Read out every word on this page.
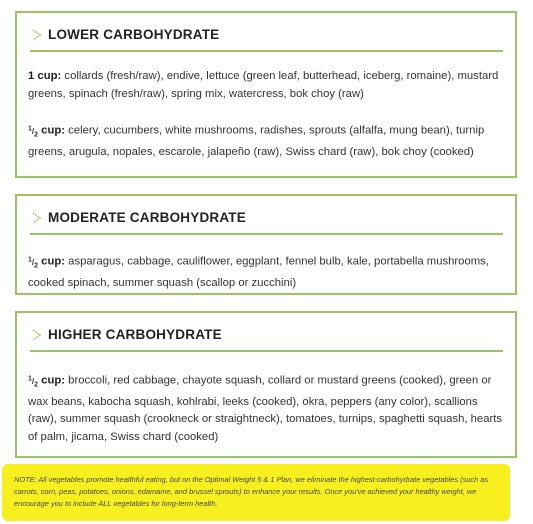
LOWER CARBOHYDRATE
1 cup: collards (fresh/raw), endive, lettuce (green leaf, butterhead, iceberg, romaine), mustard greens, spinach (fresh/raw), spring mix, watercress, bok choy (raw)
$^1/_2$ cup: celery, cucumbers, white mushrooms, radishes, sprouts (alfalfa, mung bean), turnip greens, arugula, nopales, escarole, jalapeño (raw), Swiss chard (raw), bok choy (cooked)
MODERATE CARBOHYDRATE
$^1/_2$ cup: asparagus, cabbage, cauliflower, eggplant, fennel bulb, kale, portabella mushrooms, cooked spinach, summer squash (scallop or zucchini)
HIGHER CARBOHYDRATE
$^1/_2$ cup: broccoli, red cabbage, chayote squash, collard or mustard greens (cooked), green or wax beans, kabocha squash, kohlrabi, leeks (cooked), okra, peppers (any color), scallions (raw), summer squash (crookneck or straightneck), tomatoes, turnips, spaghetti squash, hearts of palm, jicama, Swiss chard (cooked)
NOTE: All vegetables promote healthful eating, but on the Optimal Weight 5 & 1 Plan, we eliminate the highest-carbohydrate vegetables (such as carrots, corn, peas, potatoes, onions, edamame, and brussel sprouts) to enhance your results. Once you've achieved your healthy weight, we encourage you to include ALL vegetables for long-term health.
